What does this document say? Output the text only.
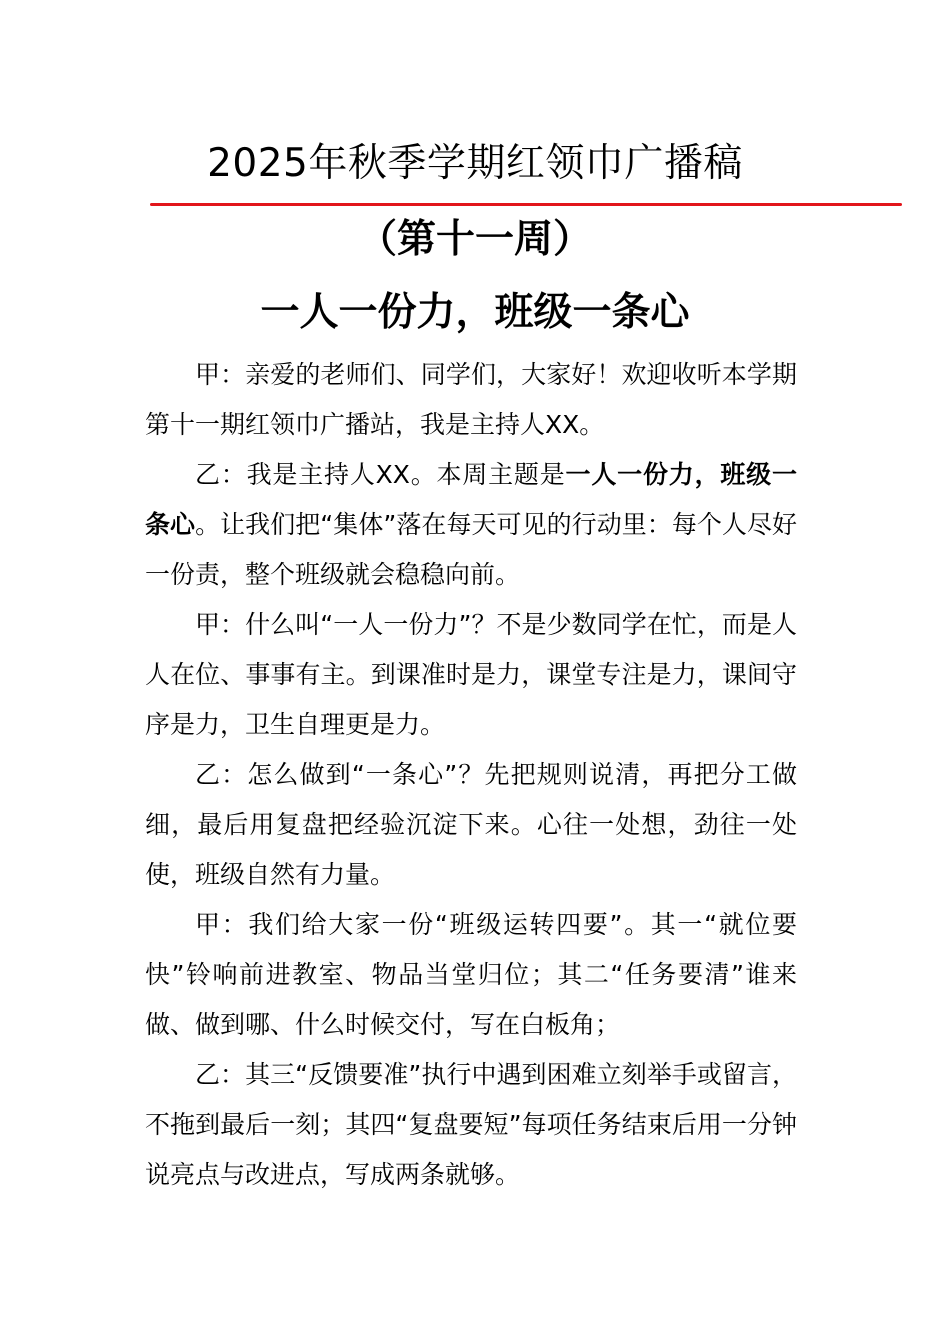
2025年秋季学期红领巾广播稿
（第十一周）
一人一份力，班级一条心

甲：亲爱的老师们、同学们，大家好！欢迎收听本学期第十一期红领巾广播站，我是主持人XX。

乙：我是主持人XX。本周主题是一人一份力，班级一条心。让我们把“集体”落在每天可见的行动里：每个人尽好一份责，整个班级就会稳稳向前。

甲：什么叫“一人一份力”？不是少数同学在忙，而是人人在位、事事有主。到课准时是力，课堂专注是力，课间守序是力，卫生自理更是力。

乙：怎么做到“一条心”？先把规则说清，再把分工做细，最后用复盘把经验沉淀下来。心往一处想，劲往一处使，班级自然有力量。

甲：我们给大家一份“班级运转四要”。其一“就位要快”铃响前进教室、物品当堂归位；其二“任务要清”谁来做、做到哪、什么时候交付，写在白板角；

乙：其三“反馈要准”执行中遇到困难立刻举手或留言，不拖到最后一刻；其四“复盘要短”每项任务结束后用一分钟说亮点与改进点，写成两条就够。
